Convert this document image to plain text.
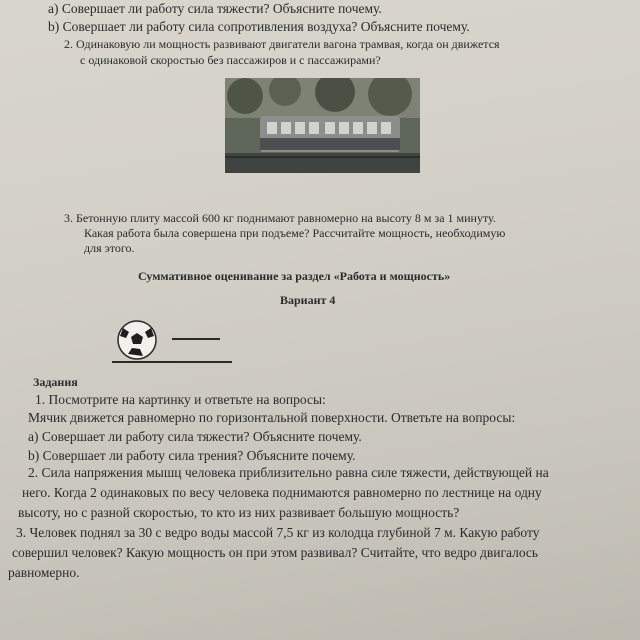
a) Совершает ли работу сила тяжести? Объясните почему.
b) Совершает ли работу сила сопротивления воздуха? Объясните почему.
2. Одинаковую ли мощность развивают двигатели вагона трамвая, когда он движется
с одинаковой скоростью без пассажиров и с пассажирами?
3. Бетонную плиту массой 600 кг поднимают равномерно на высоту 8 м за 1 минуту.
Какая работа была совершена при подъеме? Рассчитайте мощность, необходимую
для этого.
Суммативное оценивание за раздел «Работа и мощность»
Вариант 4
Задания
1. Посмотрите на картинку и ответьте на вопросы:
Мячик движется равномерно по горизонтальной поверхности. Ответьте на вопросы:
a) Совершает ли работу сила тяжести? Объясните почему.
b) Совершает ли работу сила трения? Объясните почему.
2. Сила напряжения мышц человека приблизительно равна силе тяжести, действующей на
него. Когда 2 одинаковых по весу человека поднимаются равномерно по лестнице на одну
высоту, но с разной скоростью, то кто из них развивает большую мощность?
3. Человек поднял за 30 с ведро воды массой 7,5 кг из колодца глубиной 7 м. Какую работу
совершил человек? Какую мощность он при этом развивал? Считайте, что ведро двигалось
равномерно.
